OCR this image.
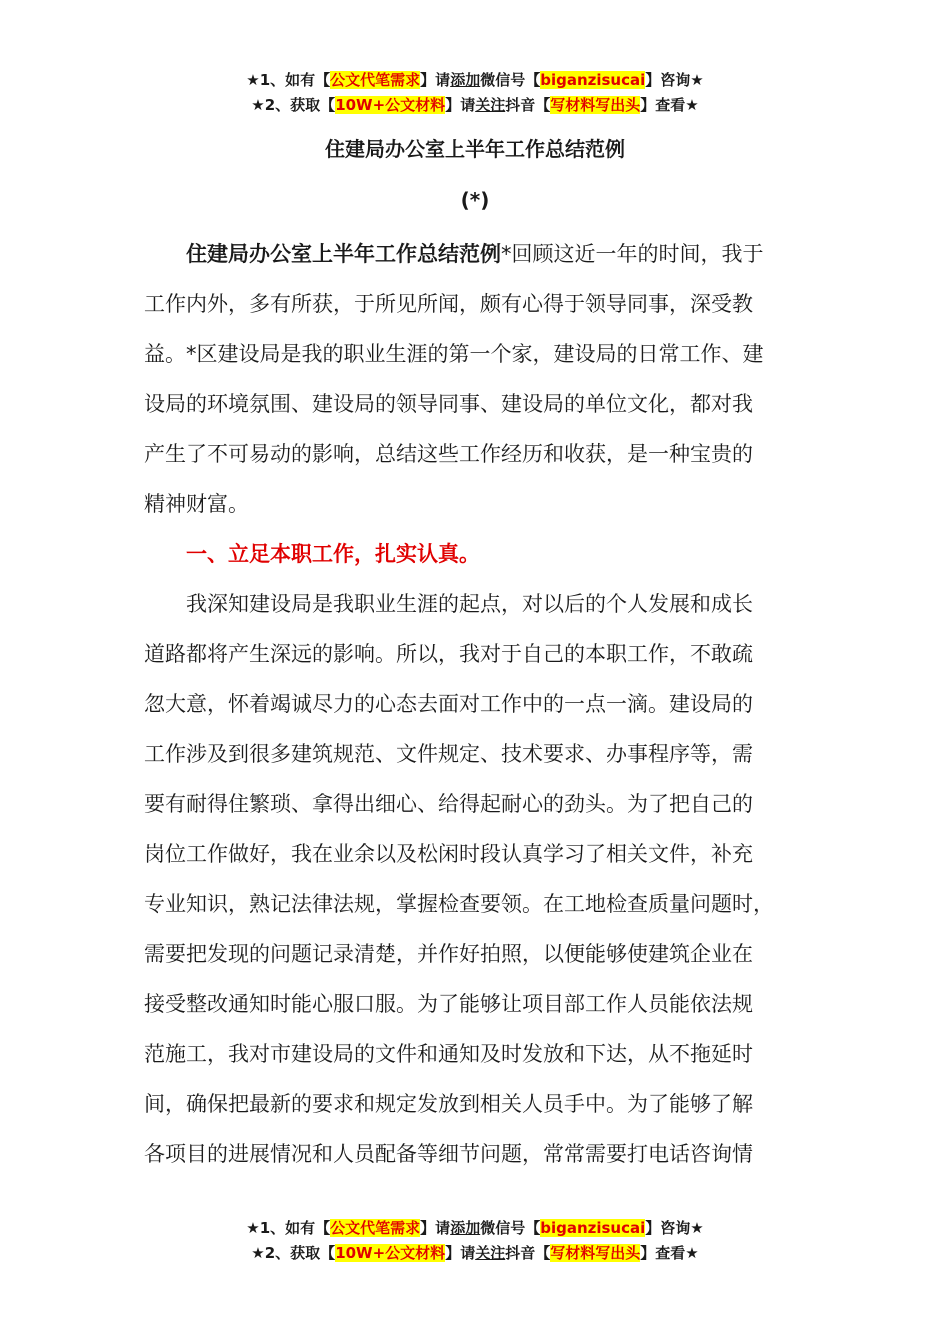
★1、如有【公文代笔需求】请添加微信号【biganzisucai】咨询★
★2、获取【10W+公文材料】请关注抖音【写材料写出头】查看★
住建局办公室上半年工作总结范例
(*)
住建局办公室上半年工作总结范例*回顾这近一年的时间，我于
工作内外，多有所获，于所见所闻，颇有心得于领导同事，深受教
益。*区建设局是我的职业生涯的第一个家，建设局的日常工作、建
设局的环境氛围、建设局的领导同事、建设局的单位文化，都对我
产生了不可易动的影响，总结这些工作经历和收获，是一种宝贵的
精神财富。
一、立足本职工作，扎实认真。
我深知建设局是我职业生涯的起点，对以后的个人发展和成长
道路都将产生深远的影响。所以，我对于自己的本职工作，不敢疏
忽大意，怀着竭诚尽力的心态去面对工作中的一点一滴。建设局的
工作涉及到很多建筑规范、文件规定、技术要求、办事程序等，需
要有耐得住繁琐、拿得出细心、给得起耐心的劲头。为了把自己的
岗位工作做好，我在业余以及松闲时段认真学习了相关文件，补充
专业知识，熟记法律法规，掌握检查要领。在工地检查质量问题时，
需要把发现的问题记录清楚，并作好拍照，以便能够使建筑企业在
接受整改通知时能心服口服。为了能够让项目部工作人员能依法规
范施工，我对市建设局的文件和通知及时发放和下达，从不拖延时
间，确保把最新的要求和规定发放到相关人员手中。为了能够了解
各项目的进展情况和人员配备等细节问题，常常需要打电话咨询情
★1、如有【公文代笔需求】请添加微信号【biganzisucai】咨询★
★2、获取【10W+公文材料】请关注抖音【写材料写出头】查看★
